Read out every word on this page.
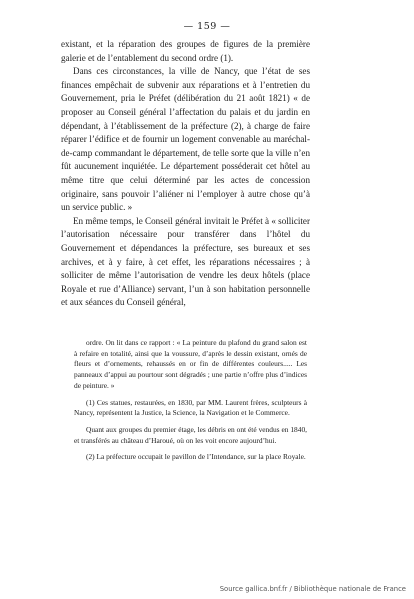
— 159 —

existant, et la réparation des groupes de figures de la première galerie et de l’entablement du second ordre (1).

Dans ces circonstances, la ville de Nancy, que l’état de ses finances empêchait de subvenir aux réparations et à l’entretien du Gouvernement, pria le Préfet (délibération du 21 août 1821) « de proposer au Conseil général l’affectation du palais et du jardin en dépendant, à l’établissement de la préfecture (2), à charge de faire réparer l’édifice et de fournir un logement convenable au maréchal-de-camp commandant le département, de telle sorte que la ville n’en fût aucunement inquiétée. Le département posséderait cet hôtel au même titre que celui déterminé par les actes de concession originaire, sans pouvoir l’aliéner ni l’employer à autre chose qu’à un service public. »

En même temps, le Conseil général invitait le Préfet à « solliciter l’autorisation nécessaire pour transférer dans l’hôtel du Gouvernement et dépendances la préfecture, ses bureaux et ses archives, et à y faire, à cet effet, les réparations nécessaires ; à solliciter de même l’autorisation de vendre les deux hôtels (place Royale et rue d’Alliance) servant, l’un à son habitation personnelle et aux séances du Conseil général,

ordre. On lit dans ce rapport : « La peinture du plafond du grand salon est à refaire en totalité, ainsi que la voussure, d’après le dessin existant, ornés de fleurs et d’ornements, rehaussés en or fin de différentes couleurs..... Les panneaux d’appui au pourtour sont dégradés ; une partie n’offre plus d’indices de peinture. »

(1) Ces statues, restaurées, en 1830, par MM. Laurent frères, sculpteurs à Nancy, représentent la Justice, la Science, la Navigation et le Commerce.

Quant aux groupes du premier étage, les débris en ont été vendus en 1840, et transférés au château d’Haroué, où on les voit encore aujourd’hui.

(2) La préfecture occupait le pavillon de l’Intendance, sur la place Royale.

Source gallica.bnf.fr / Bibliothèque nationale de France
